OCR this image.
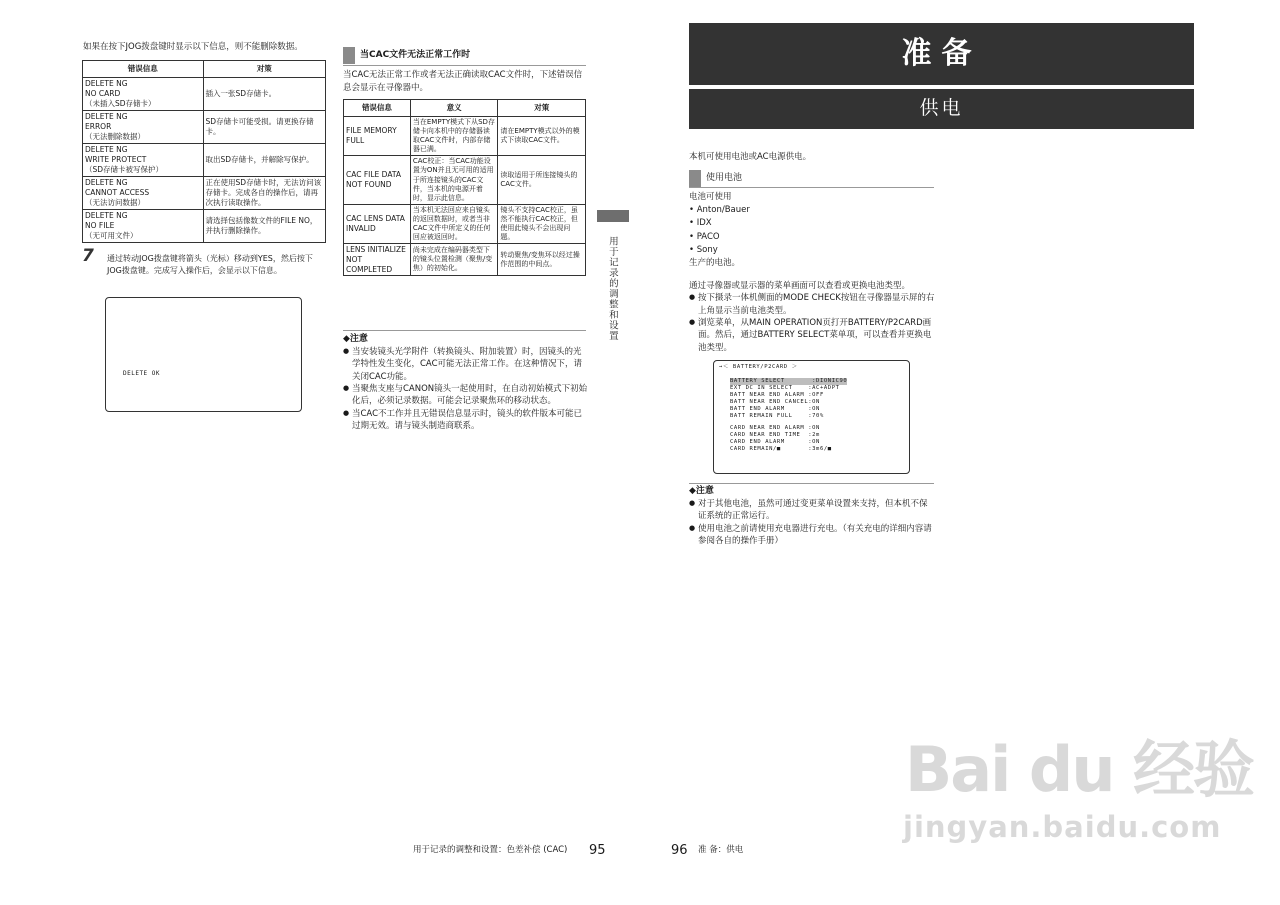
如果在按下JOG拨盘键时显示以下信息，则不能删除数据。
错误信息	对策

DELETE NG
NO CARD
（未插入SD存储卡）	插入一张SD存储卡。

DELETE NG
ERROR
（无法删除数据）	SD存储卡可能受损。请更换存储卡。

DELETE NG
WRITE PROTECT
（SD存储卡被写保护）	取出SD存储卡，并解除写保护。

DELETE NG
CANNOT ACCESS
（无法访问数据）	正在使用SD存储卡时，无法访问该存储卡。完成各自的操作后，请再次执行读取操作。

DELETE NG
NO FILE
（无可用文件）	请选择包括像数文件的FILE NO，并执行删除操作。
7 通过转动JOG拨盘键将箭头（光标）移动到YES，然后按下JOG拨盘键。完成写入操作后，会显示以下信息。
DELETE OK
当CAC文件无法正常工作时
当CAC无法正常工作或者无法正确读取CAC文件时，下述错误信息会显示在寻像器中。
错误信息	意义	对策
FILE MEMORY FULL	当在EMPTY模式下从SD存储卡向本机中的存储器读取CAC文件时，内部存储器已满。	请在EMPTY模式以外的模式下读取CAC文件。
CAC FILE DATA NOT FOUND	CAC校正：当CAC功能设置为ON并且无可用的适用于所连接镜头的CAC文件，当本机的电源开着时，显示此信息。	读取适用于所连接镜头的CAC文件。
CAC LENS DATA INVALID	当本机无法回应来自镜头的返回数据时，或者当非CAC文件中所定义的任何回应被返回时。	镜头不支持CAC校正，虽然不能执行CAC校正，但使用此镜头不会出现问题。
LENS INITIALIZE NOT COMPLETED	尚未完成在编码器类型下的镜头位置检测（聚焦/变焦）的初始化。	转动聚焦/变焦环以经过操作范围的中间点。
◆注意
● 当安装镜头光学附件（转换镜头、附加装置）时，因镜头的光学特性发生变化，CAC可能无法正常工作。在这种情况下，请关闭CAC功能。
● 当聚焦支座与CANON镜头一起使用时，在自动初始模式下初始化后，必须记录数据。可能会记录聚焦环的移动状态。
● 当CAC不工作并且无错误信息显示时，镜头的软件版本可能已过期无效。请与镜头制造商联系。
用于记录的调整和设置
准备
供电
本机可使用电池或AC电源供电。
使用电池
电池可使用
• Anton/Bauer
• IDX
• PACO
• Sony
生产的电池。
通过寻像器或显示器的菜单画面可以查看或更换电池类型。
● 按下摄录一体机侧面的MODE CHECK按钮在寻像器显示屏的右上角显示当前电池类型。
● 浏览菜单，从MAIN OPERATION页打开BATTERY/P2CARD画面。然后，通过BATTERY SELECT菜单项，可以查看并更换电池类型。
→＜ BATTERY/P2CARD ＞
BATTERY SELECT       :DIONIC90
EXT DC IN SELECT    :AC+ADPT
BATT NEAR END ALARM :OFF
BATT NEAR END CANCEL:ON
BATT END ALARM      :ON
BATT REMAIN FULL    :70%
CARD NEAR END ALARM :ON
CARD NEAR END TIME  :2m
CARD END ALARM      :ON
CARD REMAIN/■       :3m6/■
◆注意
● 对于其他电池，虽然可通过变更菜单设置来支持，但本机不保证系统的正常运行。
● 使用电池之前请使用充电器进行充电。（有关充电的详细内容请参阅各自的操作手册）
用于记录的调整和设置：色差补偿 (CAC) 95	96 准 备：供电
Bai du 经验
jingyan.baidu.com
